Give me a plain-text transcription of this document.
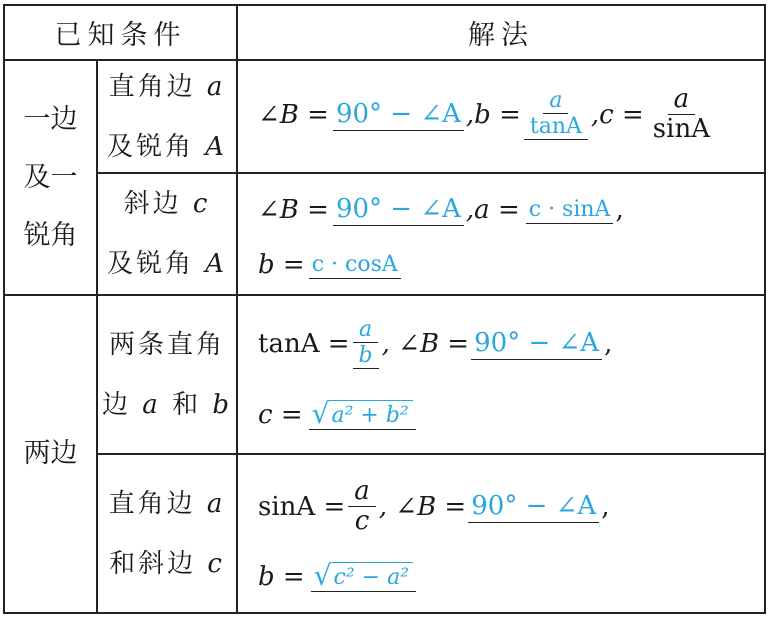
已知条件	解法
一边
及一
锐角
直角边 a
及锐角 A
∠B = 90° − ∠A $,b = \frac{a}{\tan A} ,c = \frac{a}{\sin A}$
斜边 c
及锐角 A
∠B = 90° − ∠A ,a = c · sinA ,
b = c · cosA
两边
两条直角
边 a 和 b
$\tan A = \frac{a}{b}$ , ∠B = 90° − ∠A ,
c = √ a² + b²
直角边 a
和斜边 c
$\sin A = \frac{a}{c}$ , ∠B = 90° − ∠A ,
b = √ c² − a²
